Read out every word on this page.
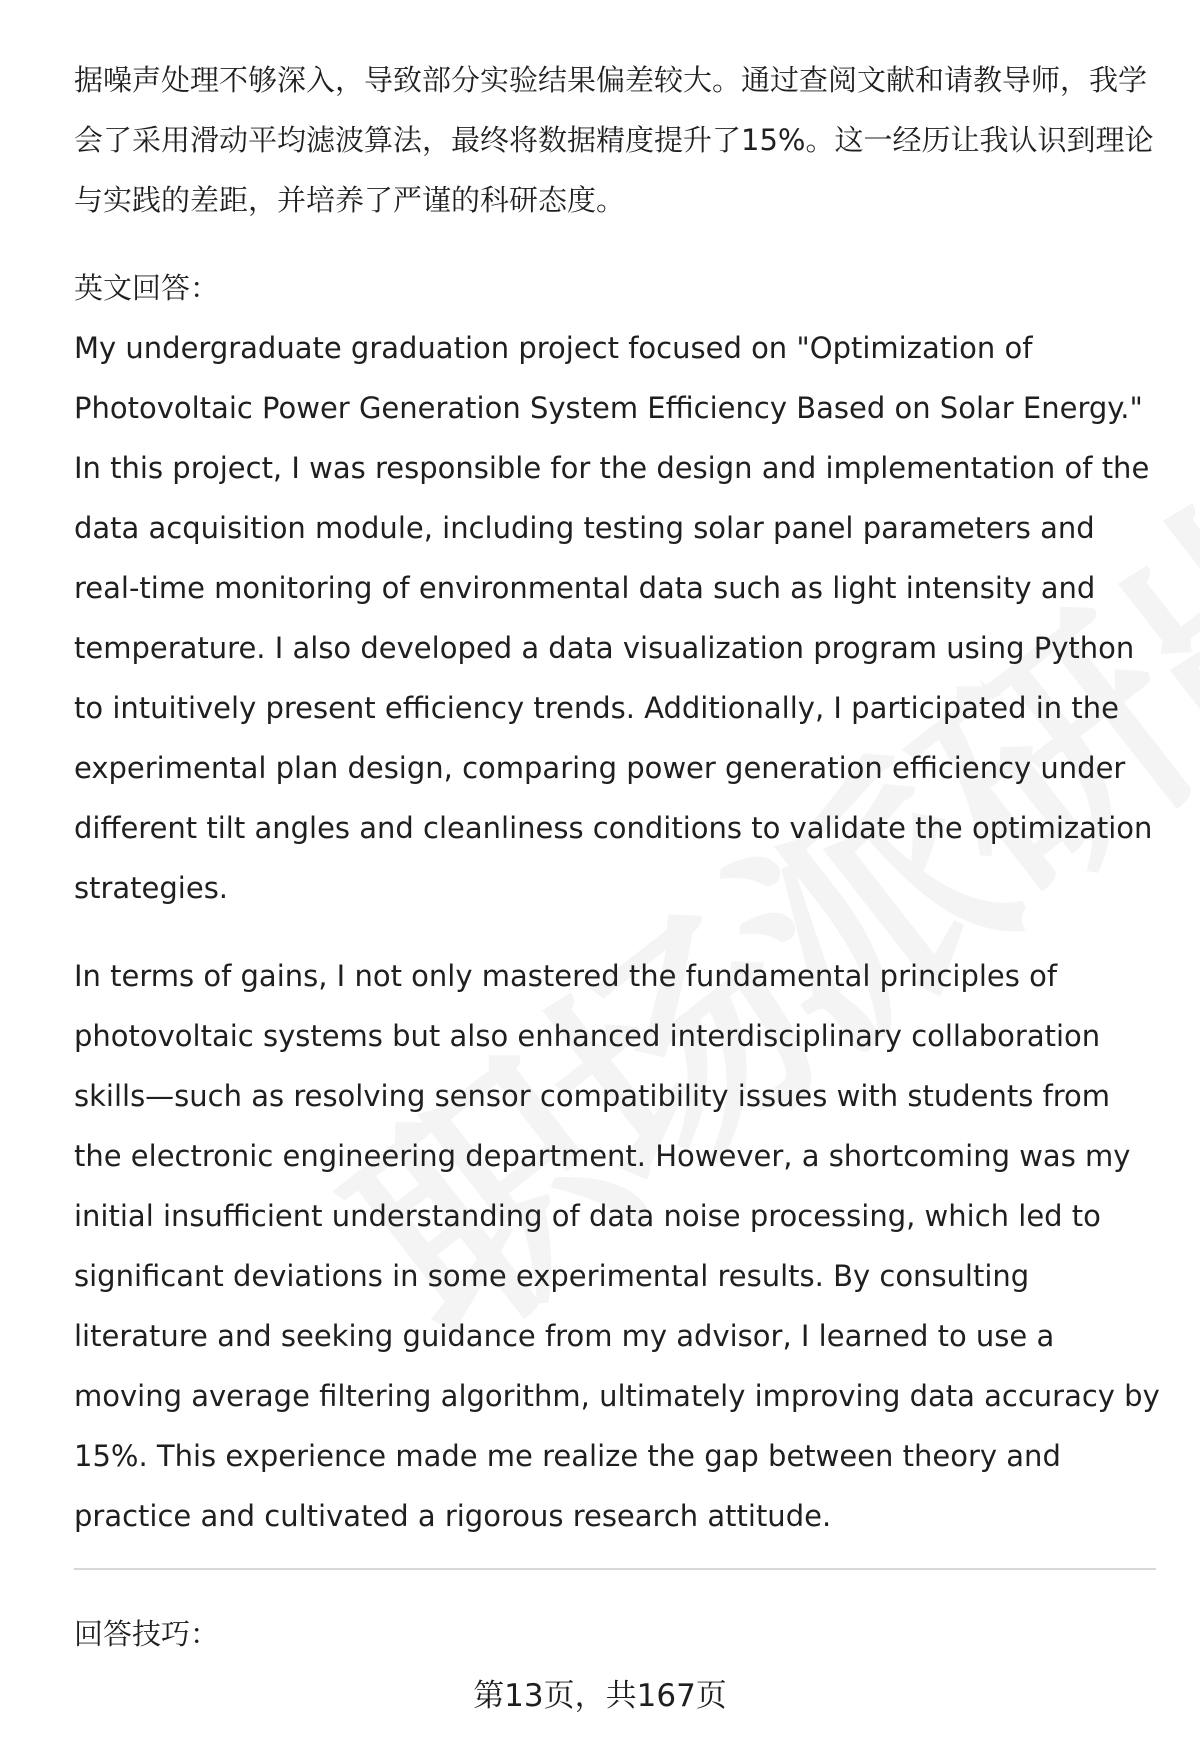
据噪声处理不够深入，导致部分实验结果偏差较大。通过查阅文献和请教导师，我学会了采用滑动平均滤波算法，最终将数据精度提升了15%。这一经历让我认识到理论与实践的差距，并培养了严谨的科研态度。

英文回答：

My undergraduate graduation project focused on "Optimization of Photovoltaic Power Generation System Efficiency Based on Solar Energy." In this project, I was responsible for the design and implementation of the data acquisition module, including testing solar panel parameters and real-time monitoring of environmental data such as light intensity and temperature. I also developed a data visualization program using Python to intuitively present efficiency trends. Additionally, I participated in the experimental plan design, comparing power generation efficiency under different tilt angles and cleanliness conditions to validate the optimization strategies.

In terms of gains, I not only mastered the fundamental principles of photovoltaic systems but also enhanced interdisciplinary collaboration skills—such as resolving sensor compatibility issues with students from the electronic engineering department. However, a shortcoming was my initial insufficient understanding of data noise processing, which led to significant deviations in some experimental results. By consulting literature and seeking guidance from my advisor, I learned to use a moving average filtering algorithm, ultimately improving data accuracy by 15%. This experience made me realize the gap between theory and practice and cultivated a rigorous research attitude.

回答技巧：
第13页，共167页
